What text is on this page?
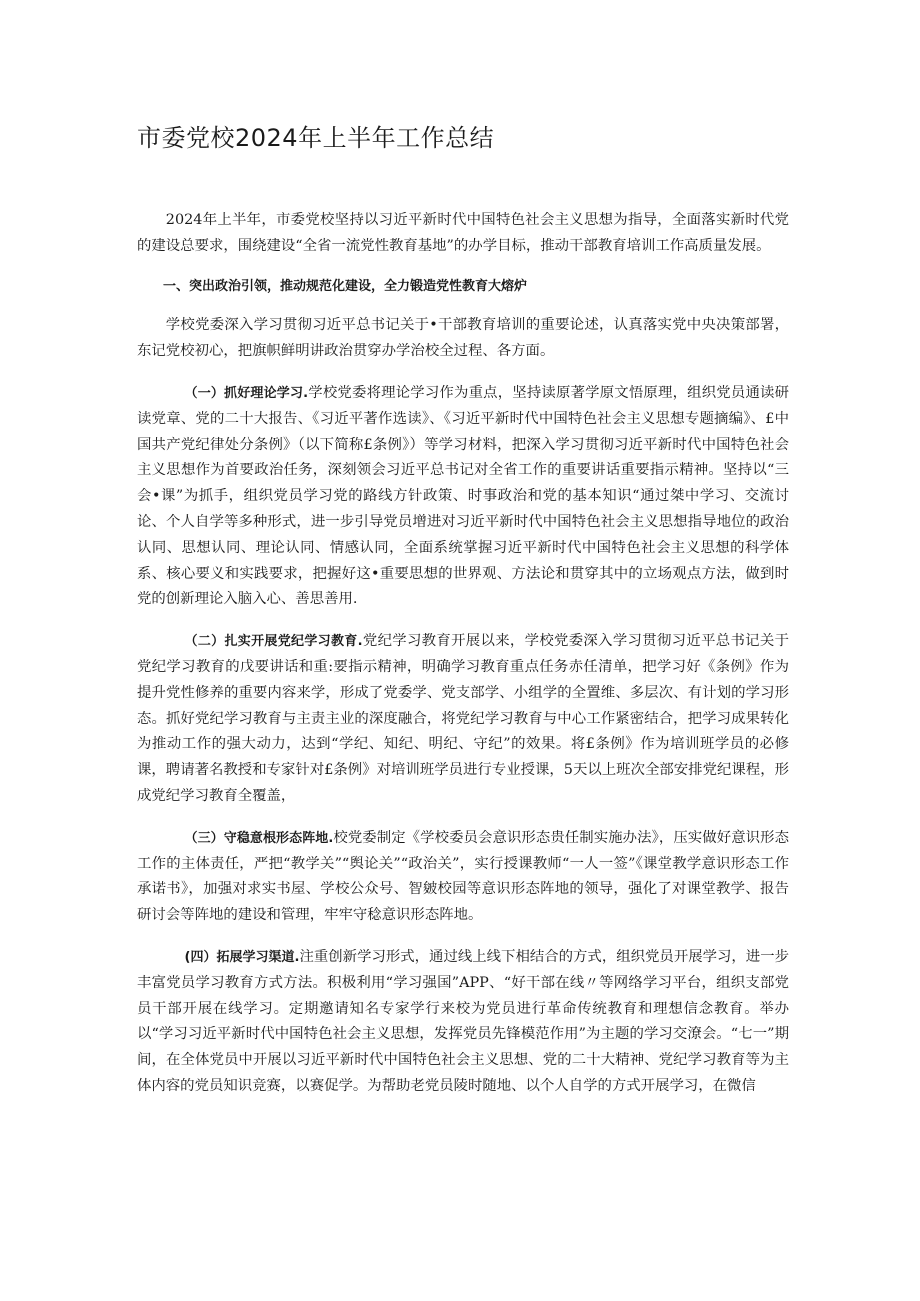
市委党校2024年上半年工作总结

2024年上半年，市委党校坚持以习近平新时代中国特色社会主义思想为指导，全面落实新时代党的建设总要求，围绕建设“全省一流党性教育基地”的办学目标，推动干部教育培训工作高质量发展。

一、突出政治引领，推动规范化建设，全力锻造党性教育大熔炉

学校党委深入学习贯彻习近平总书记关于•干部教育培训的重要论述，认真落实党中央决策部署，东记党校初心，把旗帜鲜明讲政治贯穿办学治校全过程、各方面。

（一）抓好理论学习.学校党委将理论学习作为重点，坚持读原著学原文悟原理，组织党员通读研读党章、党的二十大报告、《习近平著作选读》、《习近平新时代中国特色社会主义思想专题摘编》、£中国共产党纪律处分条例》（以下简称£条例》）等学习材料，把深入学习贯彻习近平新时代中国特色社会主义思想作为首要政治任务，深刻领会习近平总书记对全省工作的重要讲话重要指示精神。坚持以“三会•课”为抓手，组织党员学习党的路线方针政策、时事政治和党的基本知识“通过桀中学习、交流讨论、个人自学等多种形式，进一步引导党员增进对习近平新时代中国特色社会主义思想指导地位的政治认同、思想认同、理论认同、情感认同，全面系统掌握习近平新时代中国特色社会主义思想的科学体系、核心要义和实践要求，把握好这•重要思想的世界观、方法论和贯穿其中的立场观点方法，做到时党的创新理论入脑入心、善思善用.

（二）扎实开展党纪学习教育.党纪学习教育开展以来，学校党委深入学习贯彻习近平总书记关于党纪学习教育的戊要讲话和重:要指示精神，明确学习教育重点任务赤任清单，把学习好《条例》作为提升党性修养的重要内容来学，形成了党委学、党支部学、小组学的全置维、多层次、有计划的学习形态。抓好党纪学习教育与主责主业的深度融合，将党纪学习教育与中心工作紧密结合，把学习成果转化为推动工作的强大动力，达到“学纪、知纪、明纪、守纪”的效果。将£条例》作为培训班学员的必修课，聘请著名教授和专家针对£条例》对培训班学员进行专业授课，5天以上班次全部安排党纪课程，形成党纪学习教育全覆盖，

（三）守稳意根形态阵地.校党委制定《学校委员会意识形态贵任制实施办法》，压实做好意识形态工作的主体责任，严把“教学关”“舆论关”“政治关”，实行授课教师“一人一签”《课堂教学意识形态工作承诺书》，加强对求实书屋、学校公众号、智皴校园等意识形态阵地的领导，强化了对课堂教学、报告研讨会等阵地的建设和管理，牢牢守稔意识形态阵地。

(四）拓展学习渠道.注重创新学习形式，通过线上线下相结合的方式，组织党员开展学习，进一步丰富党员学习教育方式方法。积极利用“学习强国”APP、“好干部在线〃等网络学习平台，组织支部党员干部开展在线学习。定期邀请知名专家学行来校为党员进行革命传统教育和理想信念教育。举办以“学习习近平新时代中国特色社会主义思想，发挥党员先锋模范作用”为主题的学习交潦会。“七一”期间，在全体党员中开展以习近平新时代中国特色社会主义思想、党的二十大精神、党纪学习教育等为主体内容的党员知识竞赛，以赛促学。为帮助老党员陵时随地、以个人自学的方式开展学习，在微信
